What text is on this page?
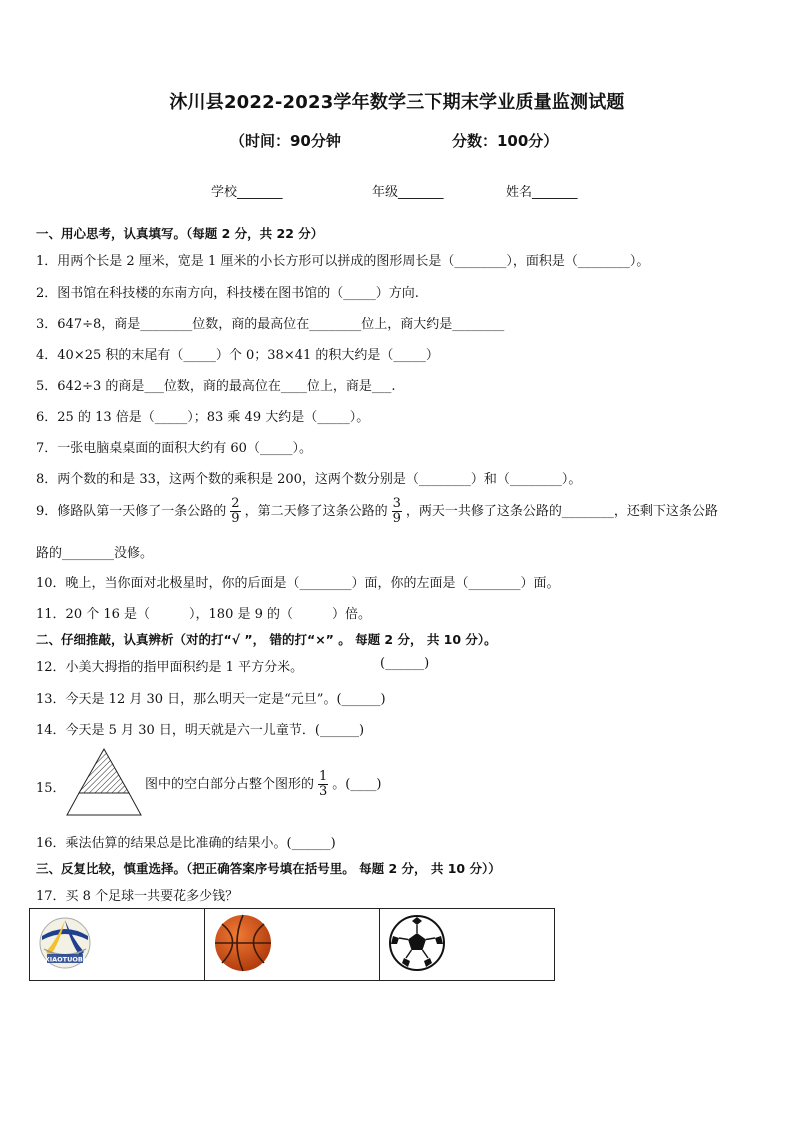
沐川县2022-2023学年数学三下期末学业质量监测试题
（时间：90分钟	分数：100分）
学校_______	年级_______	姓名_______
一、用心思考，认真填写。（每题 2 分，共 22 分）
1．用两个长是 2 厘米，宽是 1 厘米的小长方形可以拼成的图形周长是（________），面积是（________）。
2．图书馆在科技楼的东南方向，科技楼在图书馆的（_____）方向.
3．647÷8，商是________位数，商的最高位在________位上，商大约是________
4．40×25 积的末尾有（_____）个 0；38×41 的积大约是（_____）
5．642÷3 的商是___位数，商的最高位在____位上，商是___.
6．25 的 13 倍是（_____）；83 乘 49 大约是（_____）。
7．一张电脑桌桌面的面积大约有 60（_____）。
8．两个数的和是 33，这两个数的乘积是 200，这两个数分别是（________）和（________）。
9．修路队第一天修了一条公路的 $\frac{2}{9}$ ，第二天修了这条公路的 $\frac{3}{9}$ ，两天一共修了这条公路的________，还剩下这条公路
路的________没修。
10．晚上，当你面对北极星时，你的后面是（________）面，你的左面是（________）面。
11．20 个 16 是（　　　），180 是 9 的（　　　）倍。
二、仔细推敲，认真辨析（对的打“√ ”， 错的打“×” 。 每题 2 分， 共 10 分）。
12．小美大拇指的指甲面积约是 1 平方分米。	(______)
13．今天是 12 月 30 日，那么明天一定是“元旦”。(______)
14．今天是 5 月 30 日，明天就是六一儿童节．(______)
15．	图中的空白部分占整个图形的 $\frac{1}{3}$ 。(____)
16．乘法估算的结果总是比准确的结果小。(______)
三、反复比较，慎重选择。（把正确答案序号填在括号里。 每题 2 分， 共 10 分））
17．买 8 个足球一共要花多少钱？
XIAOTUOBI
